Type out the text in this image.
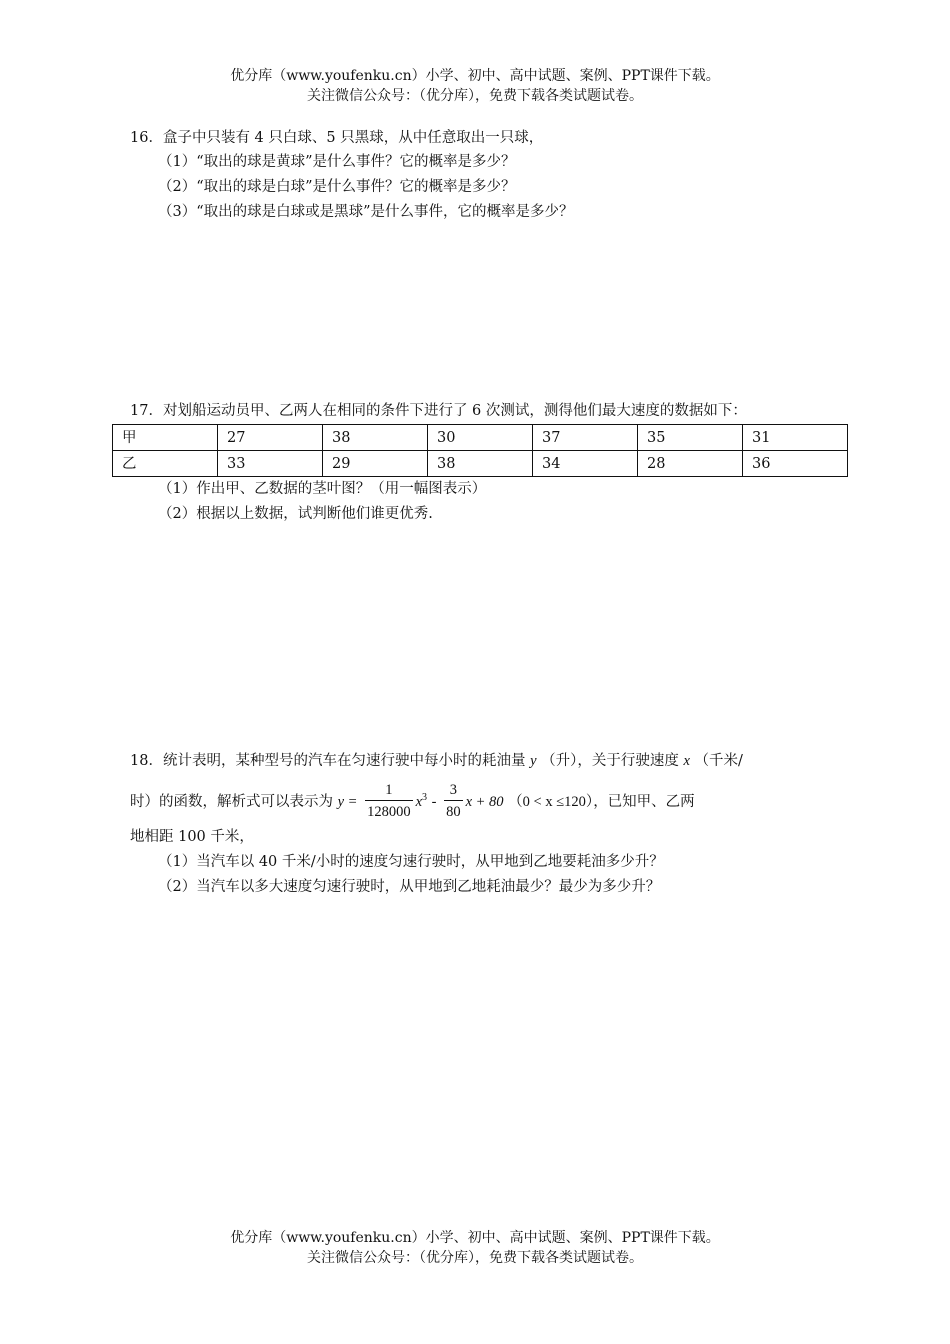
优分库（www.youfenku.cn）小学、初中、高中试题、案例、PPT课件下载。
关注微信公众号：（优分库），免费下载各类试题试卷。
16．盒子中只装有 4 只白球、5 只黑球，从中任意取出一只球，
（1）“取出的球是黄球”是什么事件？它的概率是多少？
（2）“取出的球是白球”是什么事件？它的概率是多少？
（3）“取出的球是白球或是黑球”是什么事件，它的概率是多少？
17．对划船运动员甲、乙两人在相同的条件下进行了 6 次测试，测得他们最大速度的数据如下：
甲	27	38	30	37	35	31
乙	33	29	38	34	28	36
（1）作出甲、乙数据的茎叶图？（用一幅图表示）
（2）根据以上数据，试判断他们谁更优秀.
18．统计表明，某种型号的汽车在匀速行驶中每小时的耗油量 y （升），关于行驶速度 x （千米/
时）的函数，解析式可以表示为 $y = \frac{1}{128000} x^3 - \frac{3}{80}$ x + 80 （0 < x ≤120），已知甲、乙两
地相距 100 千米，
（1）当汽车以 40 千米/小时的速度匀速行驶时，从甲地到乙地要耗油多少升？
（2）当汽车以多大速度匀速行驶时，从甲地到乙地耗油最少？最少为多少升？
优分库（www.youfenku.cn）小学、初中、高中试题、案例、PPT课件下载。
关注微信公众号：（优分库），免费下载各类试题试卷。
